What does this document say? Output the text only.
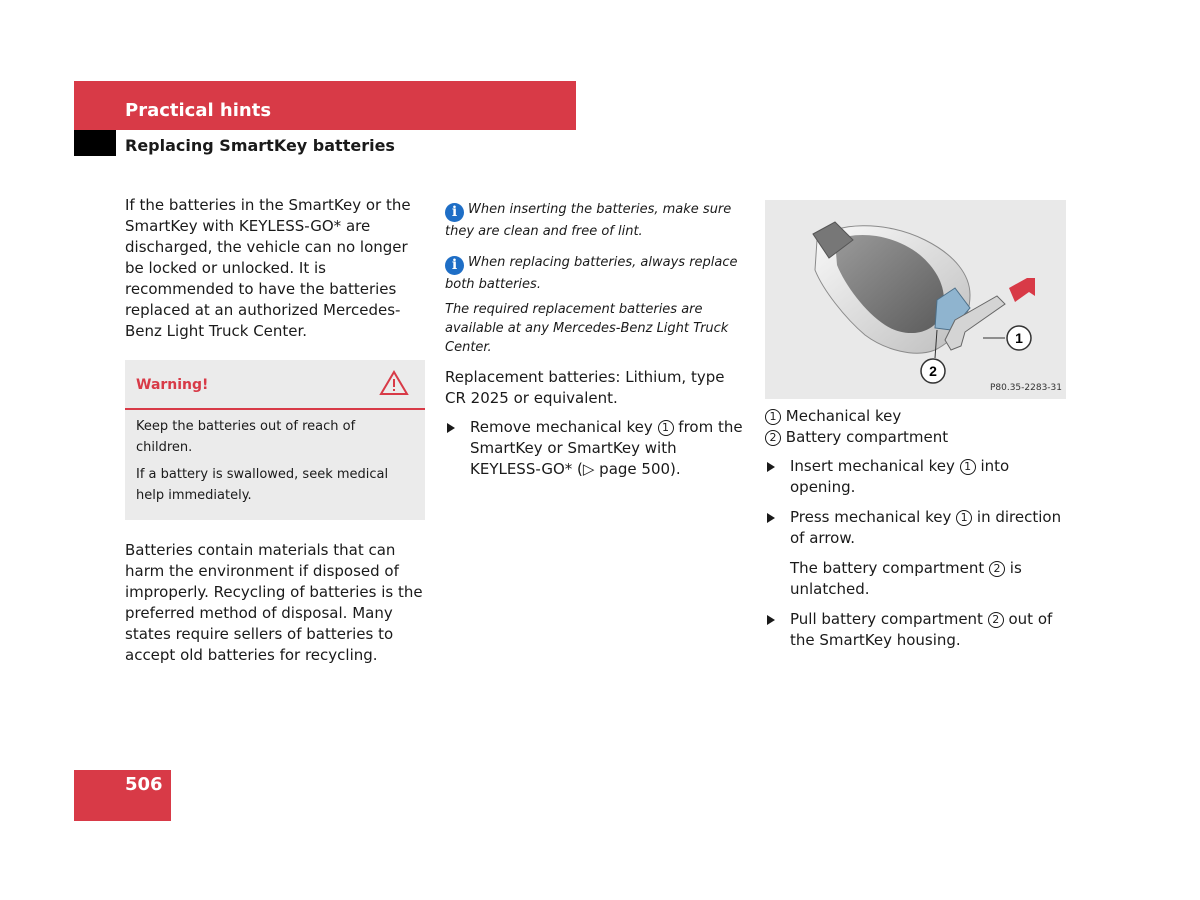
Practical hints
Replacing SmartKey batteries
If the batteries in the SmartKey or the SmartKey with KEYLESS-GO* are discharged, the vehicle can no longer be locked or unlocked. It is recommended to have the batteries replaced at an authorized Mercedes-Benz Light Truck Center.
Warning!

Keep the batteries out of reach of children.

If a battery is swallowed, seek medical help immediately.

Batteries contain materials that can harm the environment if disposed of improperly. Recycling of batteries is the preferred method of disposal. Many states require sellers of batteries to accept old batteries for recycling.

i When inserting the batteries, make sure they are clean and free of lint.

i When replacing batteries, always replace both batteries.

The required replacement batteries are available at any Mercedes-Benz Light Truck Center.

Replacement batteries: Lithium, type CR 2025 or equivalent.
Remove mechanical key 1 from the SmartKey or SmartKey with KEYLESS-GO* (▷ page 500).
1
2
P80.35-2283-31
1 Mechanical key
2 Battery compartment
Insert mechanical key 1 into opening.
Press mechanical key 1 in direction of arrow.
The battery compartment 2 is unlatched.
Pull battery compartment 2 out of the SmartKey housing.
506
